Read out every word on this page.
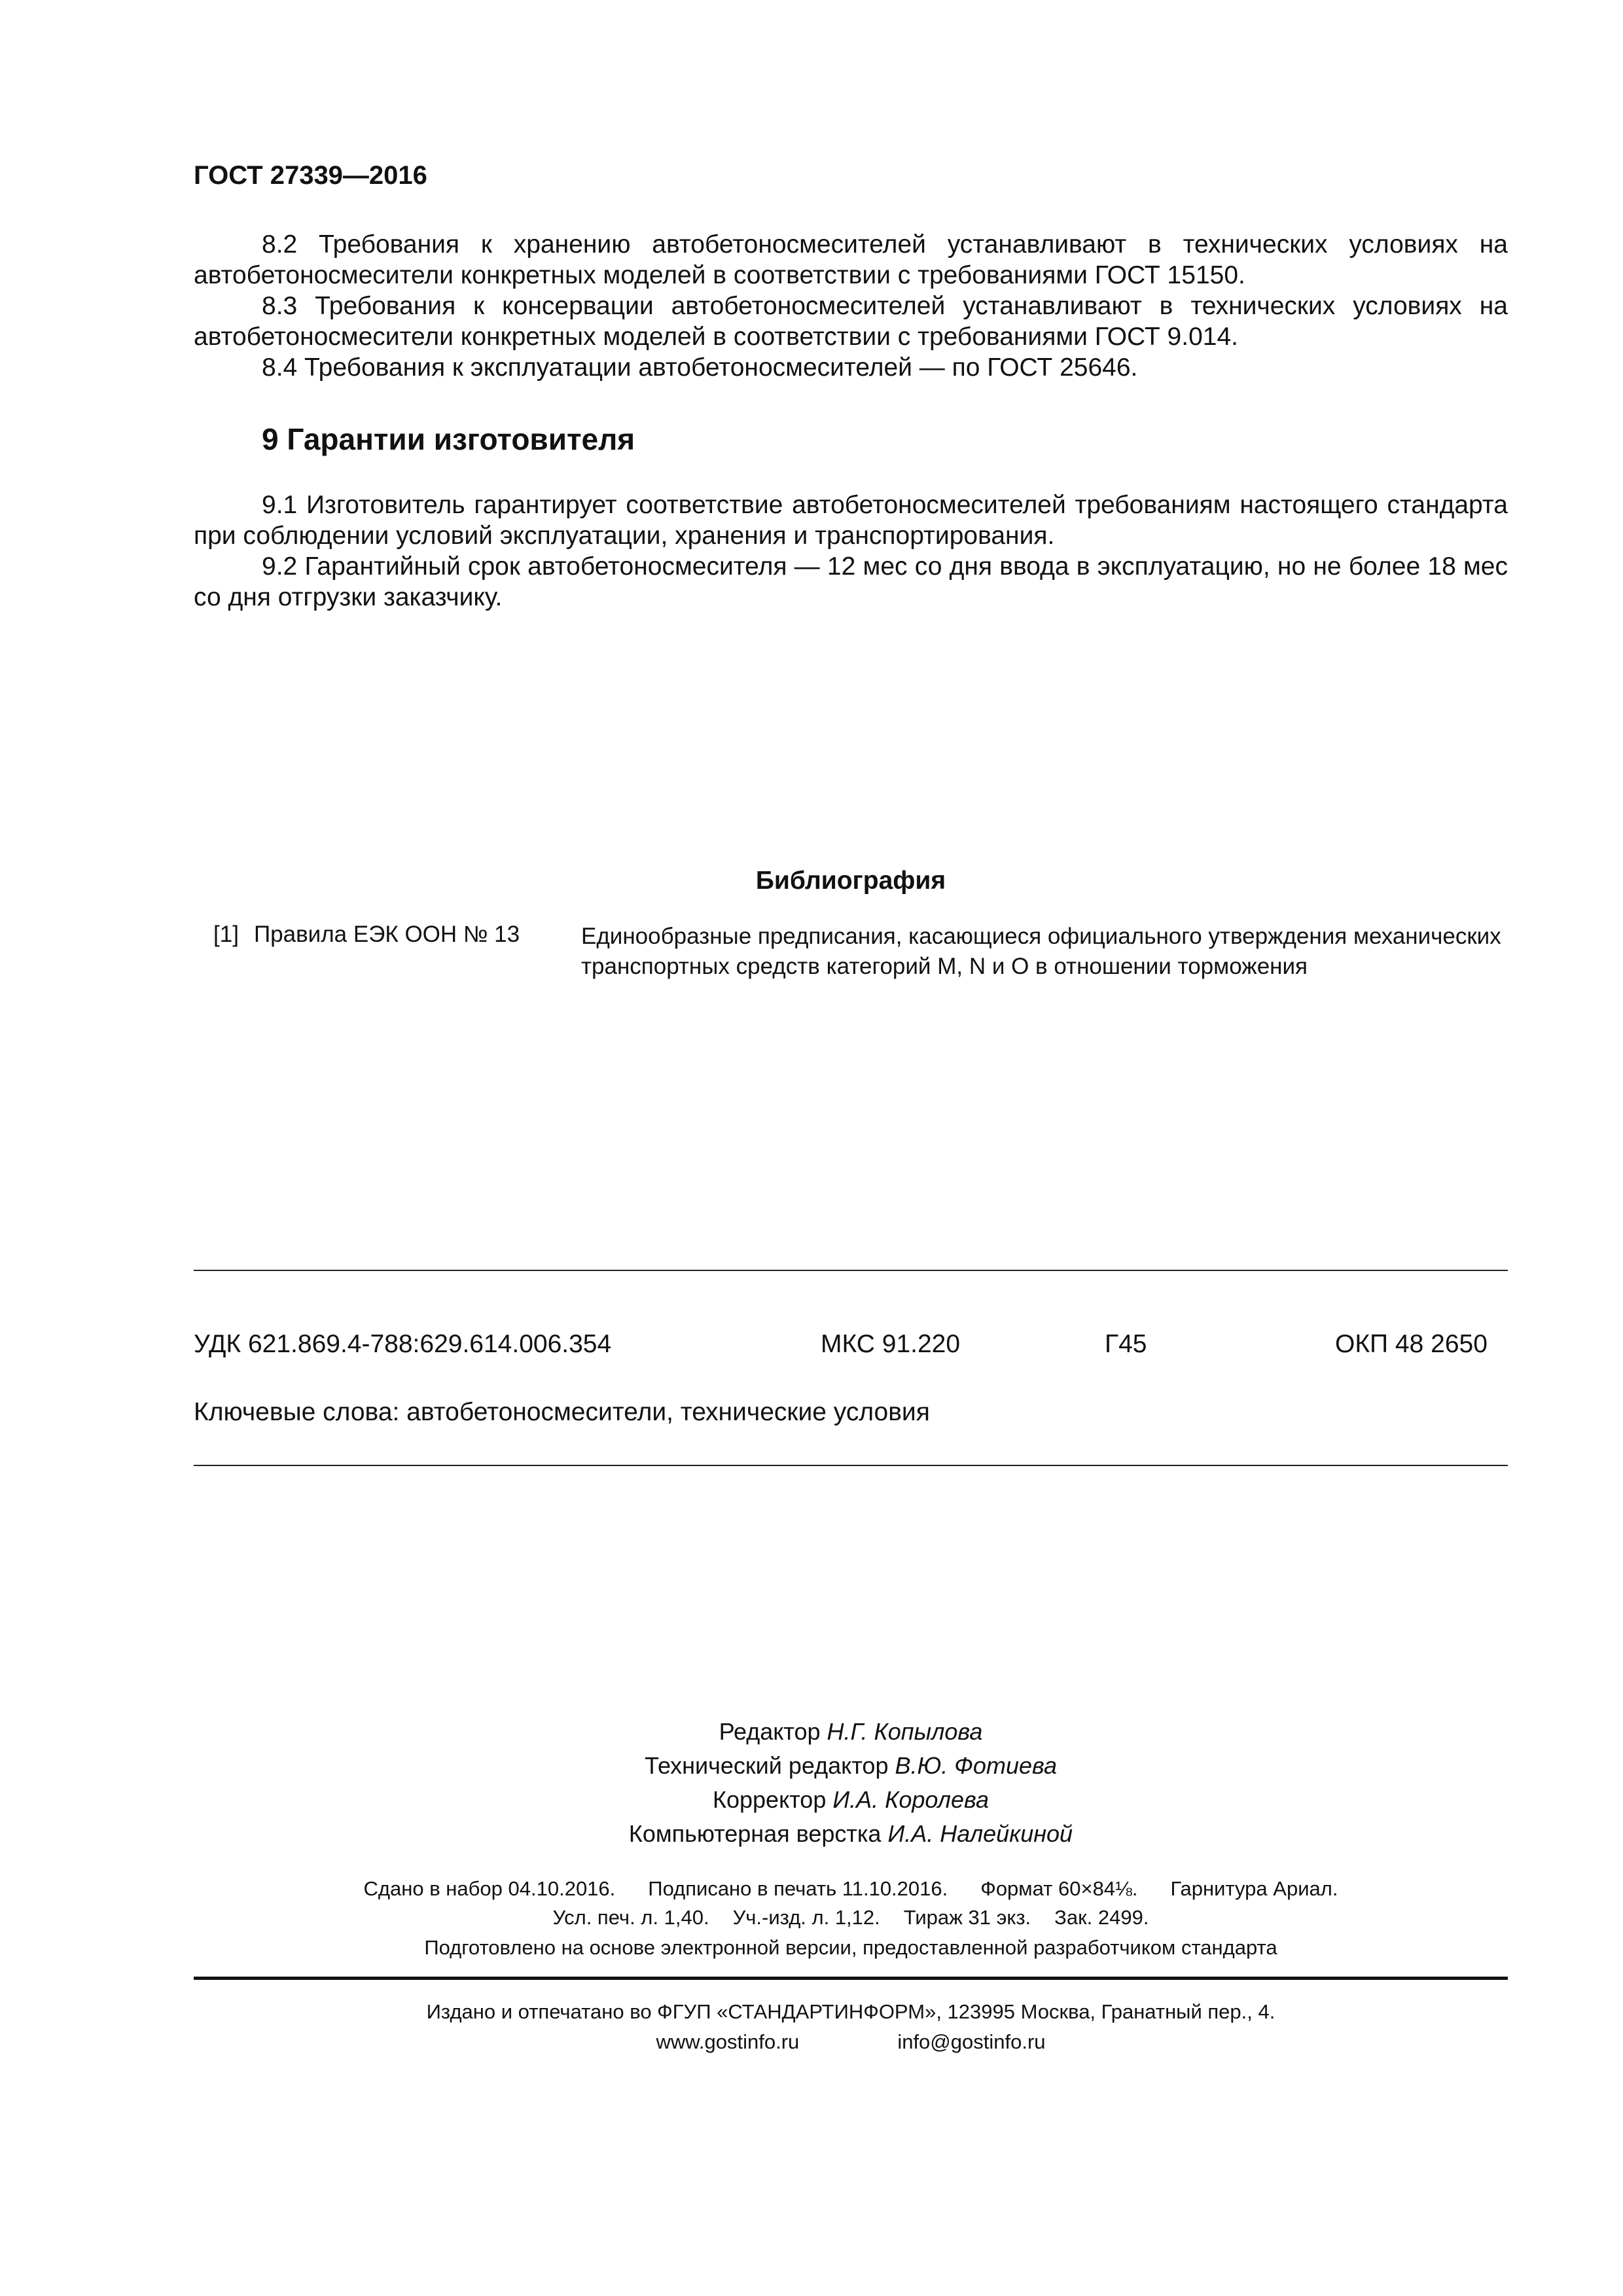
ГОСТ 27339—2016

8.2 Требования к хранению автобетоносмесителей устанавливают в технических условиях на автобетоносмесители конкретных моделей в соответствии с требованиями ГОСТ 15150.

8.3 Требования к консервации автобетоносмесителей устанавливают в технических условиях на автобетоносмесители конкретных моделей в соответствии с требованиями ГОСТ 9.014.

8.4 Требования к эксплуатации автобетоносмесителей — по ГОСТ 25646.

9 Гарантии изготовителя

9.1 Изготовитель гарантирует соответствие автобетоносмесителей требованиям настоящего стандарта при соблюдении условий эксплуатации, хранения и транспортирования.

9.2 Гарантийный срок автобетоносмесителя — 12 мес со дня ввода в эксплуатацию, но не более 18 мес со дня отгрузки заказчику.

Библиография
[1] Правила ЕЭК ООН № 13	Единообразные предписания, касающиеся официального утверждения механических транспортных средств категорий M, N и O в отношении торможения
УДК 621.869.4-788:629.614.006.354	МКС 91.220	Г45	ОКП 48 2650
Ключевые слова: автобетоносмесители, технические условия
Редактор Н.Г. Копылова
Технический редактор В.Ю. Фотиева
Корректор И.А. Королева
Компьютерная верстка И.А. Налейкиной
Сдано в набор 04.10.2016. Подписано в печать 11.10.2016. Формат 60×84⅛. Гарнитура Ариал.
Усл. печ. л. 1,40. Уч.-изд. л. 1,12. Тираж 31 экз. Зак. 2499.
Подготовлено на основе электронной версии, предоставленной разработчиком стандарта
Издано и отпечатано во ФГУП «СТАНДАРТИНФОРМ», 123995 Москва, Гранатный пер., 4.
www.gostinfo.ru	info@gostinfo.ru
